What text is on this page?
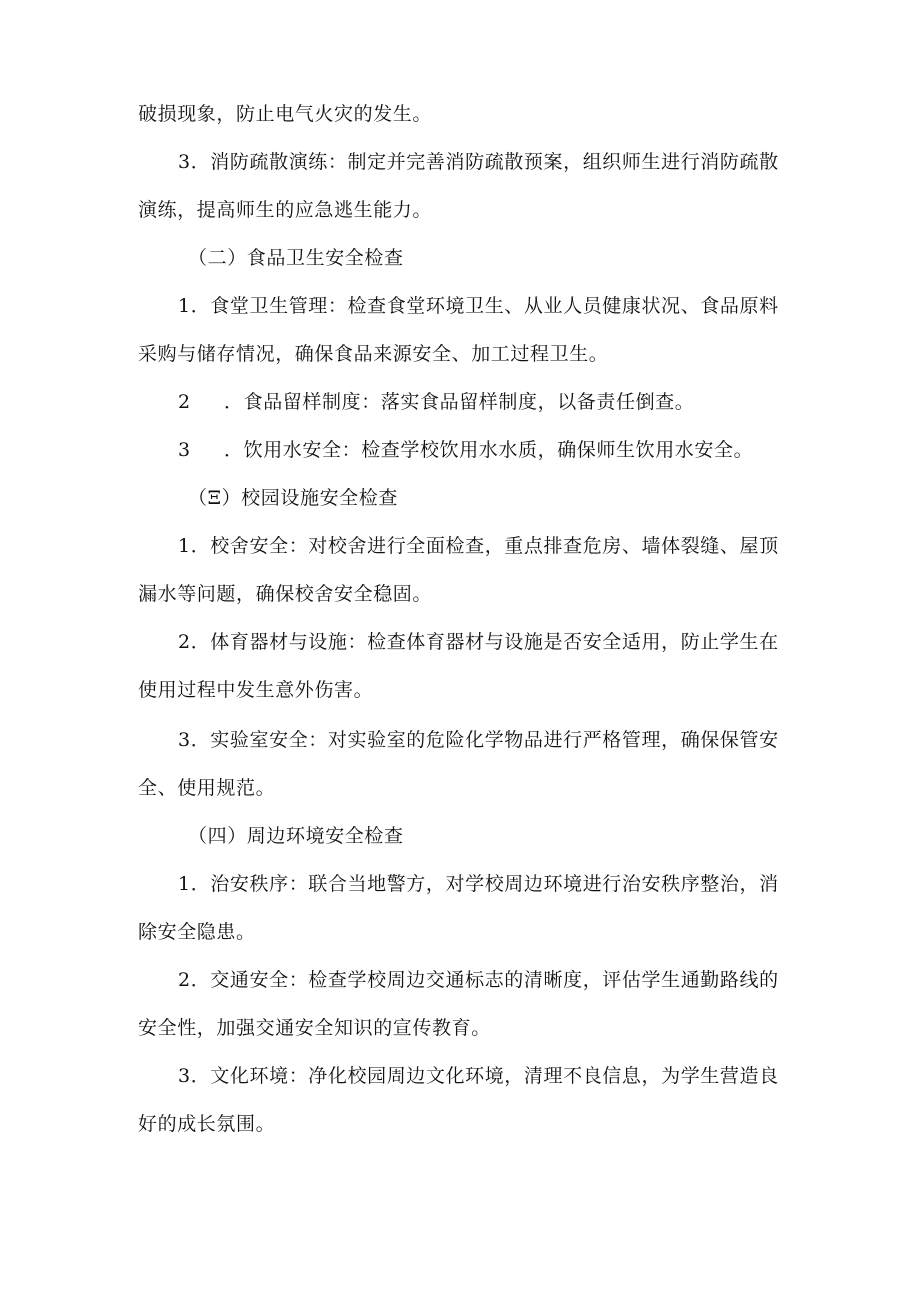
破损现象，防止电气火灾的发生。
3．消防疏散演练：制定并完善消防疏散预案，组织师生进行消防疏散
演练，提高师生的应急逃生能力。
（二）食品卫生安全检查
1．食堂卫生管理：检查食堂环境卫生、从业人员健康状况、食品原料
采购与储存情况，确保食品来源安全、加工过程卫生。
2 ．食品留样制度：落实食品留样制度，以备责任倒查。
3 ．饮用水安全：检查学校饮用水水质，确保师生饮用水安全。
（Ξ）校园设施安全检查
1．校舍安全：对校舍进行全面检查，重点排查危房、墙体裂缝、屋顶
漏水等问题，确保校舍安全稳固。
2．体育器材与设施：检查体育器材与设施是否安全适用，防止学生在
使用过程中发生意外伤害。
3．实验室安全：对实验室的危险化学物品进行严格管理，确保保管安
全、使用规范。
（四）周边环境安全检查
1．治安秩序：联合当地警方，对学校周边环境进行治安秩序整治，消
除安全隐患。
2．交通安全：检查学校周边交通标志的清晰度，评估学生通勤路线的
安全性，加强交通安全知识的宣传教育。
3．文化环境：净化校园周边文化环境，清理不良信息，为学生营造良
好的成长氛围。
